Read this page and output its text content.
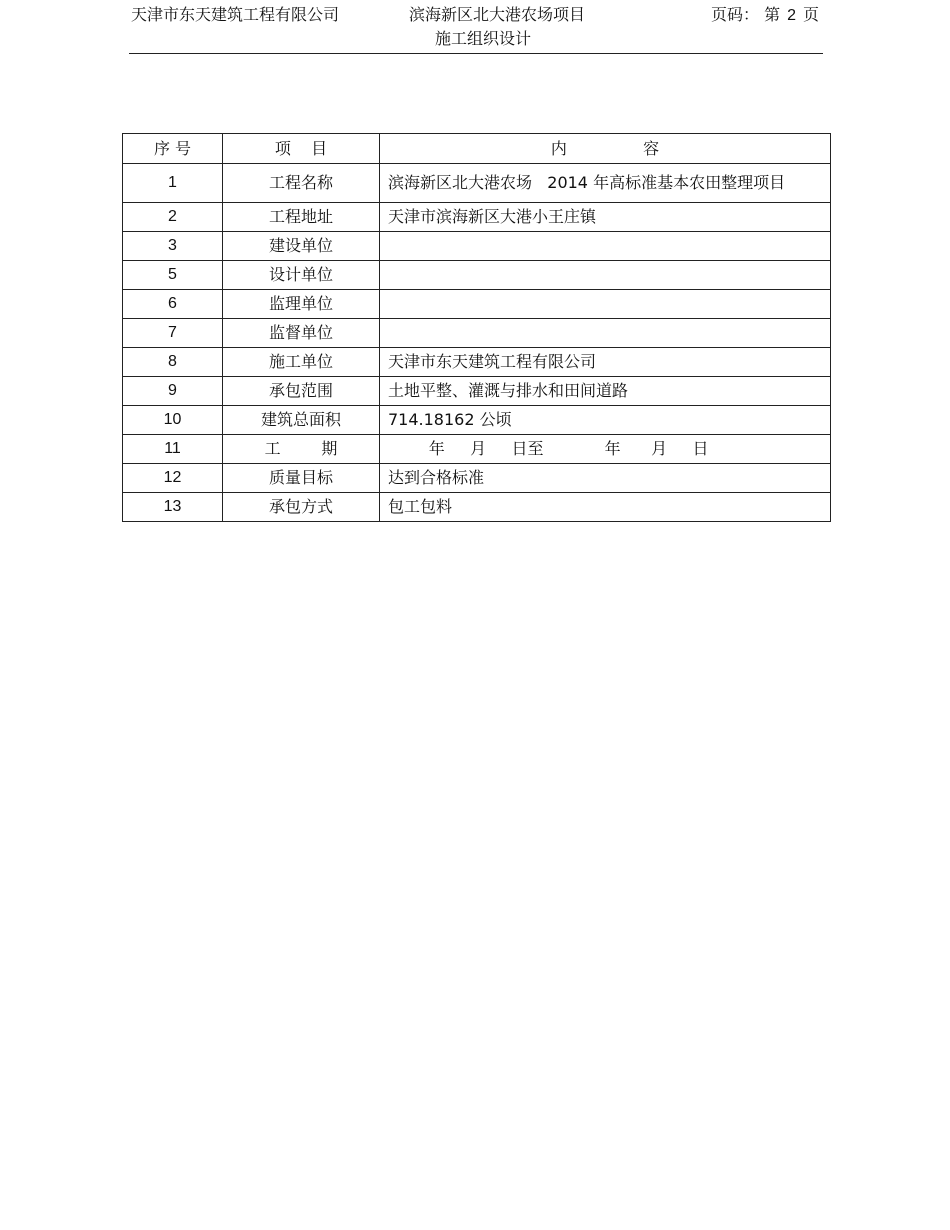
天津市东天建筑工程有限公司	滨海新区北大港农场项目
施工组织设计
页码： 第 2 页
序 号	项    目	内               容
1	工程名称	滨海新区北大港农场   2014 年高标准基本农田整理项目
2	工程地址	天津市滨海新区大港小王庄镇
3	建设单位	
5	设计单位	
6	监理单位	
7	监督单位	
8	施工单位	天津市东天建筑工程有限公司
9	承包范围	土地平整、灌溉与排水和田间道路
10	建筑总面积	714.18162 公顷
11	工        期	年     月     日至            年      月     日
12	质量目标	达到合格标准
13	承包方式	包工包料
